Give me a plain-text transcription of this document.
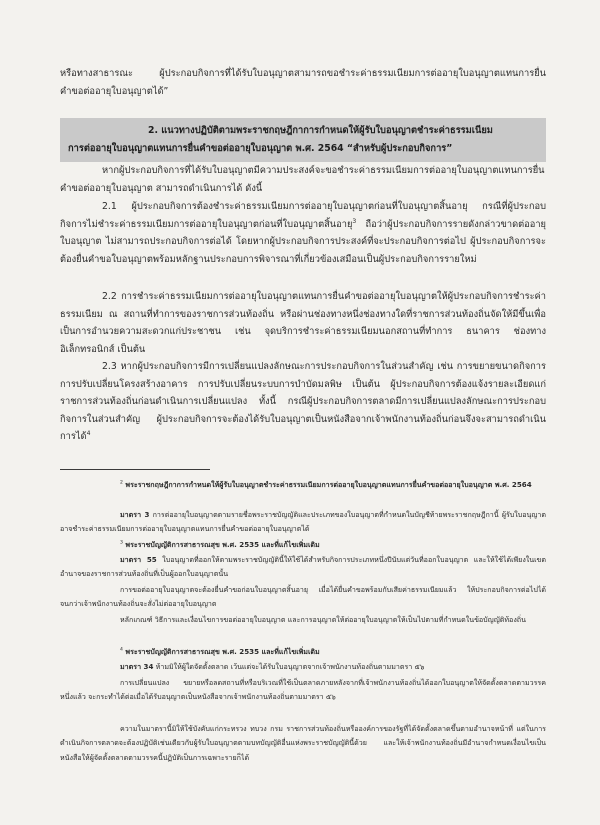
หรือทางสาธารณะ ผู้ประกอบกิจการที่ได้รับใบอนุญาตสามารถขอชำระค่าธรรมเนียมการต่ออายุใบอนุญาตแทนการยื่นคำขอต่ออายุใบอนุญาตได้”

2. แนวทางปฏิบัติตามพระราชกฤษฎีกาการกำหนดให้ผู้รับใบอนุญาตชำระค่าธรรมเนียม
การต่ออายุใบอนุญาตแทนการยื่นคำขอต่ออายุใบอนุญาต พ.ศ. 2564 “สำหรับผู้ประกอบกิจการ”

หากผู้ประกอบกิจการที่ได้รับใบอนุญาตมีความประสงค์จะขอชำระค่าธรรมเนียมการต่ออายุใบอนุญาตแทนการยื่นคำขอต่ออายุใบอนุญาต สามารถดำเนินการได้ ดังนี้

2.1 ผู้ประกอบกิจการต้องชำระค่าธรรมเนียมการต่ออายุใบอนุญาตก่อนที่ใบอนุญาตสิ้นอายุ กรณีที่ผู้ประกอบกิจการไม่ชำระค่าธรรมเนียมการต่ออายุใบอนุญาตก่อนที่ใบอนุญาตสิ้นอายุ$^3$ ถือว่าผู้ประกอบกิจการรายดังกล่าวขาดต่ออายุใบอนุญาต ไม่สามารถประกอบกิจการต่อได้ โดยหากผู้ประกอบกิจการประสงค์ที่จะประกอบกิจการต่อไป ผู้ประกอบกิจการจะต้องยื่นคำขอใบอนุญาตพร้อมหลักฐานประกอบการพิจารณาที่เกี่ยวข้องเสมือนเป็นผู้ประกอบกิจการรายใหม่

2.2 การชำระค่าธรรมเนียมการต่ออายุใบอนุญาตแทนการยื่นคำขอต่ออายุใบอนุญาตให้ผู้ประกอบกิจการชำระค่าธรรมเนียม ณ สถานที่ทำการของราชการส่วนท้องถิ่น หรือผ่านช่องทางหนึ่งช่องทางใดที่ราชการส่วนท้องถิ่นจัดให้มีขึ้นเพื่อเป็นการอำนวยความสะดวกแก่ประชาชน เช่น จุดบริการชำระค่าธรรมเนียมนอกสถานที่ทำการ ธนาคาร ช่องทางอิเล็กทรอนิกส์ เป็นต้น

2.3 หากผู้ประกอบกิจการมีการเปลี่ยนแปลงลักษณะการประกอบกิจการในส่วนสำคัญ เช่น การขยายขนาดกิจการ การปรับเปลี่ยนโครงสร้างอาคาร การปรับเปลี่ยนระบบการบำบัดมลพิษ เป็นต้น ผู้ประกอบกิจการต้องแจ้งรายละเอียดแก่ราชการส่วนท้องถิ่นก่อนดำเนินการเปลี่ยนแปลง ทั้งนี้ กรณีผู้ประกอบกิจการตลาดมีการเปลี่ยนแปลงลักษณะการประกอบกิจการในส่วนสำคัญ ผู้ประกอบกิจการจะต้องได้รับใบอนุญาตเป็นหนังสือจากเจ้าพนักงานท้องถิ่นก่อนจึงจะสามารถดำเนินการได้$^4$

$^2$ พระราชกฤษฎีกาการกำหนดให้ผู้รับใบอนุญาตชำระค่าธรรมเนียมการต่ออายุใบอนุญาตแทนการยื่นคำขอต่ออายุใบอนุญาต พ.ศ. 2564

มาตรา 3 การต่ออายุใบอนุญาตตามรายชื่อพระราชบัญญัติและประเภทของใบอนุญาตที่กำหนดในบัญชีท้ายพระราชกฤษฎีกานี้ ผู้รับใบอนุญาตอาจชำระค่าธรรมเนียมการต่ออายุใบอนุญาตแทนการยื่นคำขอต่ออายุใบอนุญาตได้

$^3$ พระราชบัญญัติการสาธารณสุข พ.ศ. 2535 และที่แก้ไขเพิ่มเติม

มาตรา 55 ใบอนุญาตที่ออกให้ตามพระราชบัญญัตินี้ให้ใช้ได้สำหรับกิจการประเภทหนึ่งปีนับแต่วันที่ออกใบอนุญาต และให้ใช้ได้เพียงในเขตอำนาจของราชการส่วนท้องถิ่นที่เป็นผู้ออกใบอนุญาตนั้น

การขอต่ออายุใบอนุญาตจะต้องยื่นคำขอก่อนใบอนุญาตสิ้นอายุ เมื่อได้ยื่นคำขอพร้อมกับเสียค่าธรรมเนียมแล้ว ให้ประกอบกิจการต่อไปได้จนกว่าเจ้าพนักงานท้องถิ่นจะสั่งไม่ต่ออายุใบอนุญาต

หลักเกณฑ์ วิธีการและเงื่อนไขการขอต่ออายุใบอนุญาต และการอนุญาตให้ต่ออายุใบอนุญาตให้เป็นไปตามที่กำหนดในข้อบัญญัติท้องถิ่น

$^4$ พระราชบัญญัติการสาธารณสุข พ.ศ. 2535 และที่แก้ไขเพิ่มเติม

มาตรา 34 ห้ามมิให้ผู้ใดจัดตั้งตลาด เว้นแต่จะได้รับใบอนุญาตจากเจ้าพนักงานท้องถิ่นตามมาตรา ๕๖

การเปลี่ยนแปลง ขยายหรือลดสถานที่หรือบริเวณที่ใช้เป็นตลาดภายหลังจากที่เจ้าพนักงานท้องถิ่นได้ออกใบอนุญาตให้จัดตั้งตลาดตามวรรคหนึ่งแล้ว จะกระทำได้ต่อเมื่อได้รับอนุญาตเป็นหนังสือจากเจ้าพนักงานท้องถิ่นตามมาตรา ๕๖

ความในมาตรานี้มิให้ใช้บังคับแก่กระทรวง ทบวง กรม ราชการส่วนท้องถิ่นหรือองค์การของรัฐที่ได้จัดตั้งตลาดขึ้นตามอำนาจหน้าที่ แต่ในการดำเนินกิจการตลาดจะต้องปฏิบัติเช่นเดียวกับผู้รับใบอนุญาตตามบทบัญญัติอื่นแห่งพระราชบัญญัตินี้ด้วย และให้เจ้าพนักงานท้องถิ่นมีอำนาจกำหนดเงื่อนไขเป็นหนังสือให้ผู้จัดตั้งตลาดตามวรรคนี้ปฏิบัติเป็นการเฉพาะรายก็ได้
